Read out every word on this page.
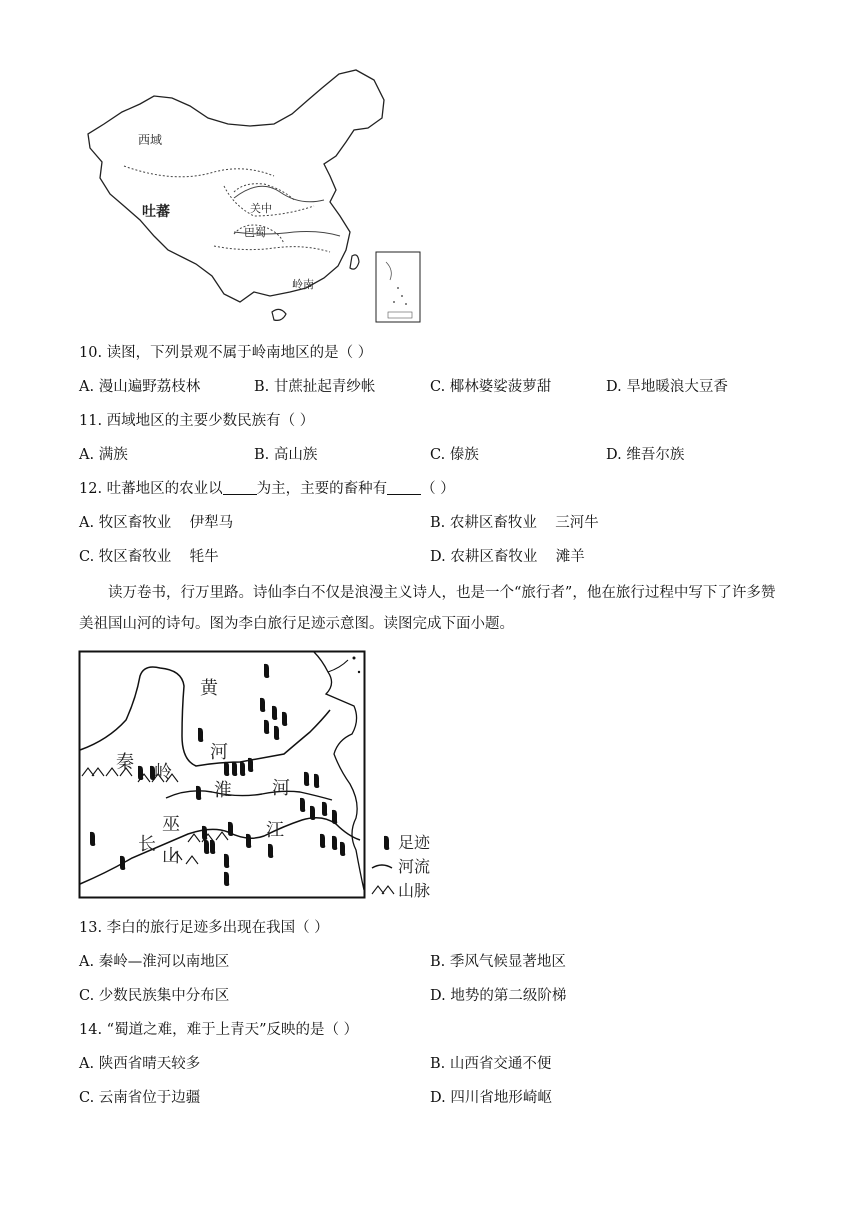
西域
吐蕃	关中
巴蜀
岭南
10. 读图，下列景观不属于岭南地区的是（ ）
A. 漫山遍野荔枝林	B. 甘蔗扯起青纱帐	C. 椰林婆娑菠萝甜	D. 旱地暖浪大豆香
11. 西域地区的主要少数民族有（ ）
A. 满族	B. 高山族	C. 傣族	D. 维吾尔族
12. 吐蕃地区的农业以 为主，主要的畜种有 （ ）
A. 牧区畜牧业    伊犁马	B. 农耕区畜牧业    三河牛
C. 牧区畜牧业    牦牛	D. 农耕区畜牧业    滩羊
读万卷书，行万里路。诗仙李白不仅是浪漫主义诗人，也是一个“旅行者”，他在旅行过程中写下了许多赞美祖国山河的诗句。图为李白旅行足迹示意图。读图完成下面小题。
黄
河
秦 岭
淮 河
巫
长
山
江
足迹
河流
山脉
13. 李白的旅行足迹多出现在我国（ ）
A. 秦岭—淮河以南地区	B. 季风气候显著地区
C. 少数民族集中分布区	D. 地势的第二级阶梯
14. “蜀道之难，难于上青天”反映的是（ ）
A. 陕西省晴天较多	B. 山西省交通不便
C. 云南省位于边疆	D. 四川省地形崎岖
